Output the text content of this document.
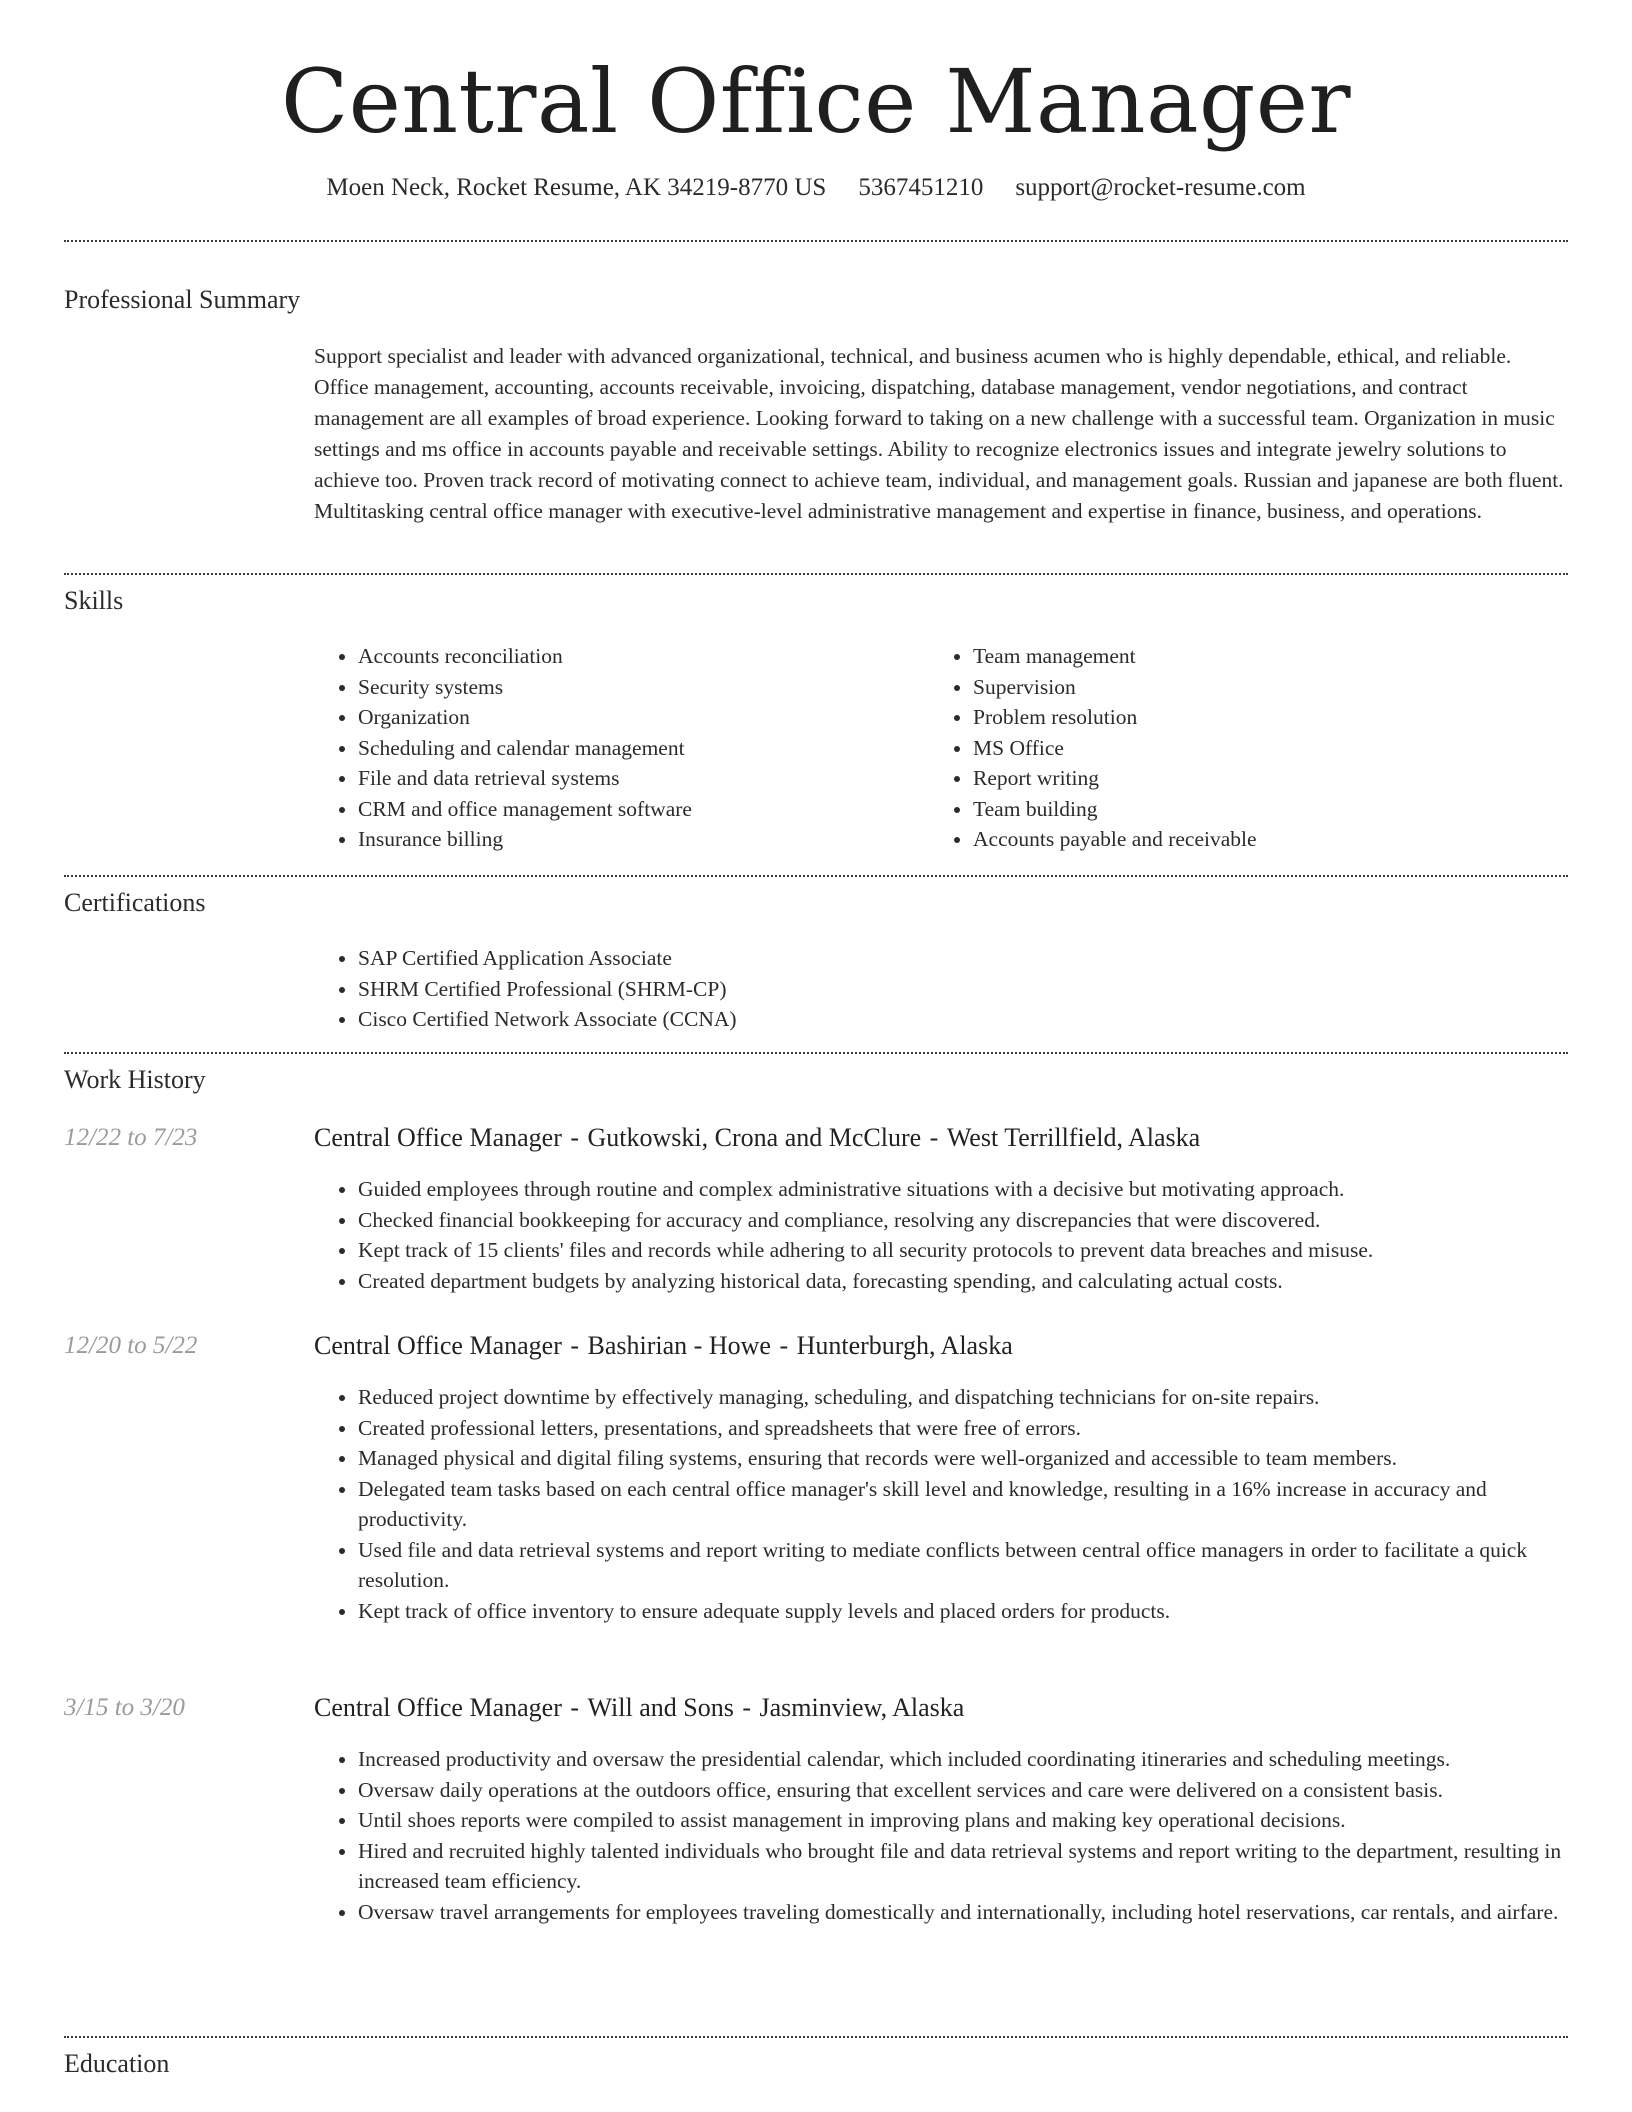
Central Office Manager
Moen Neck, Rocket Resume, AK 34219-8770 US 5367451210 support@rocket-resume.com
Professional Summary

Support specialist and leader with advanced organizational, technical, and business acumen who is highly dependable, ethical, and reliable. Office management, accounting, accounts receivable, invoicing, dispatching, database management, vendor negotiations, and contract management are all examples of broad experience. Looking forward to taking on a new challenge with a successful team. Organization in music settings and ms office in accounts payable and receivable settings. Ability to recognize electronics issues and integrate jewelry solutions to achieve too. Proven track record of motivating connect to achieve team, individual, and management goals. Russian and japanese are both fluent. Multitasking central office manager with executive-level administrative management and expertise in finance, business, and operations.

Skills
• Accounts reconciliation
• Security systems
• Organization
• Scheduling and calendar management
• File and data retrieval systems
• CRM and office management software
• Insurance billing
• Team management
• Supervision
• Problem resolution
• MS Office
• Report writing
• Team building
• Accounts payable and receivable
Certifications
• SAP Certified Application Associate
• SHRM Certified Professional (SHRM-CP)
• Cisco Certified Network Associate (CCNA)
Work History
12/22 to 7/23	Central Office Manager - Gutkowski, Crona and McClure - West Terrillfield, Alaska
• Guided employees through routine and complex administrative situations with a decisive but motivating approach.
• Checked financial bookkeeping for accuracy and compliance, resolving any discrepancies that were discovered.
• Kept track of 15 clients' files and records while adhering to all security protocols to prevent data breaches and misuse.
• Created department budgets by analyzing historical data, forecasting spending, and calculating actual costs.
12/20 to 5/22	Central Office Manager - Bashirian - Howe - Hunterburgh, Alaska
• Reduced project downtime by effectively managing, scheduling, and dispatching technicians for on-site repairs.
• Created professional letters, presentations, and spreadsheets that were free of errors.
• Managed physical and digital filing systems, ensuring that records were well-organized and accessible to team members.
• Delegated team tasks based on each central office manager's skill level and knowledge, resulting in a 16% increase in accuracy and productivity.
• Used file and data retrieval systems and report writing to mediate conflicts between central office managers in order to facilitate a quick resolution.
• Kept track of office inventory to ensure adequate supply levels and placed orders for products.
3/15 to 3/20	Central Office Manager - Will and Sons - Jasminview, Alaska
• Increased productivity and oversaw the presidential calendar, which included coordinating itineraries and scheduling meetings.
• Oversaw daily operations at the outdoors office, ensuring that excellent services and care were delivered on a consistent basis.
• Until shoes reports were compiled to assist management in improving plans and making key operational decisions.
• Hired and recruited highly talented individuals who brought file and data retrieval systems and report writing to the department, resulting in increased team efficiency.
• Oversaw travel arrangements for employees traveling domestically and internationally, including hotel reservations, car rentals, and airfare.
Education
